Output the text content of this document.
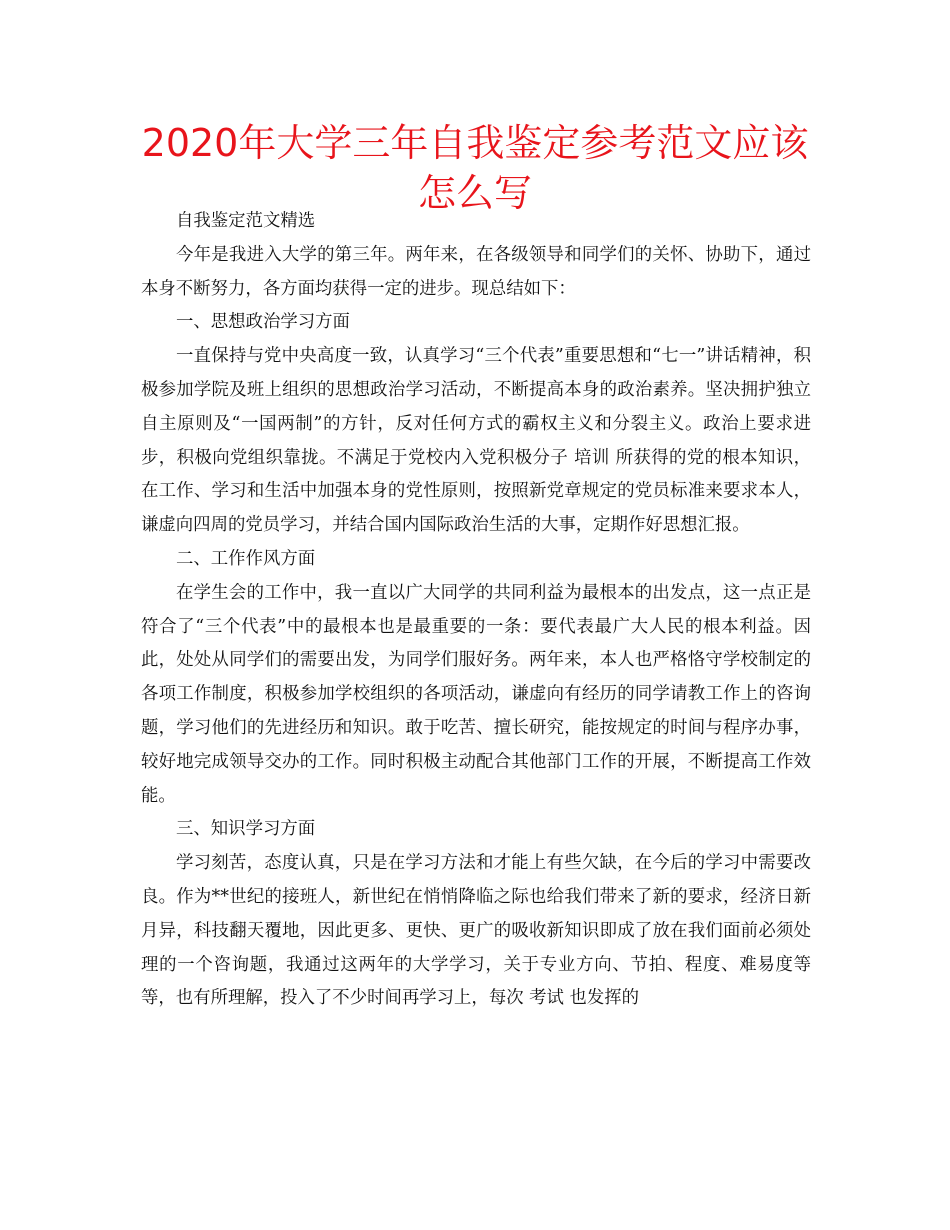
2020年大学三年自我鉴定参考范文应该怎么写

自我鉴定范文精选

今年是我进入大学的第三年。两年来，在各级领导和同学们的关怀、协助下，通过本身不断努力，各方面均获得一定的进步。现总结如下：

一、思想政治学习方面

一直保持与党中央高度一致，认真学习“三个代表”重要思想和“七一”讲话精神，积极参加学院及班上组织的思想政治学习活动，不断提高本身的政治素养。坚决拥护独立自主原则及“一国两制”的方针，反对任何方式的霸权主义和分裂主义。政治上要求进步，积极向党组织靠拢。不满足于党校内入党积极分子 培训 所获得的党的根本知识，在工作、学习和生活中加强本身的党性原则，按照新党章规定的党员标准来要求本人，谦虚向四周的党员学习，并结合国内国际政治生活的大事，定期作好思想汇报。

二、工作作风方面

在学生会的工作中，我一直以广大同学的共同利益为最根本的出发点，这一点正是符合了“三个代表”中的最根本也是最重要的一条：要代表最广大人民的根本利益。因此，处处从同学们的需要出发，为同学们服好务。两年来，本人也严格恪守学校制定的各项工作制度，积极参加学校组织的各项活动，谦虚向有经历的同学请教工作上的咨询题，学习他们的先进经历和知识。敢于吃苦、擅长研究，能按规定的时间与程序办事，较好地完成领导交办的工作。同时积极主动配合其他部门工作的开展，不断提高工作效能。

三、知识学习方面

学习刻苦，态度认真，只是在学习方法和才能上有些欠缺，在今后的学习中需要改良。作为**世纪的接班人，新世纪在悄悄降临之际也给我们带来了新的要求，经济日新月异，科技翻天覆地，因此更多、更快、更广的吸收新知识即成了放在我们面前必须处理的一个咨询题，我通过这两年的大学学习，关于专业方向、节拍、程度、难易度等等，也有所理解，投入了不少时间再学习上，每次 考试 也发挥的
